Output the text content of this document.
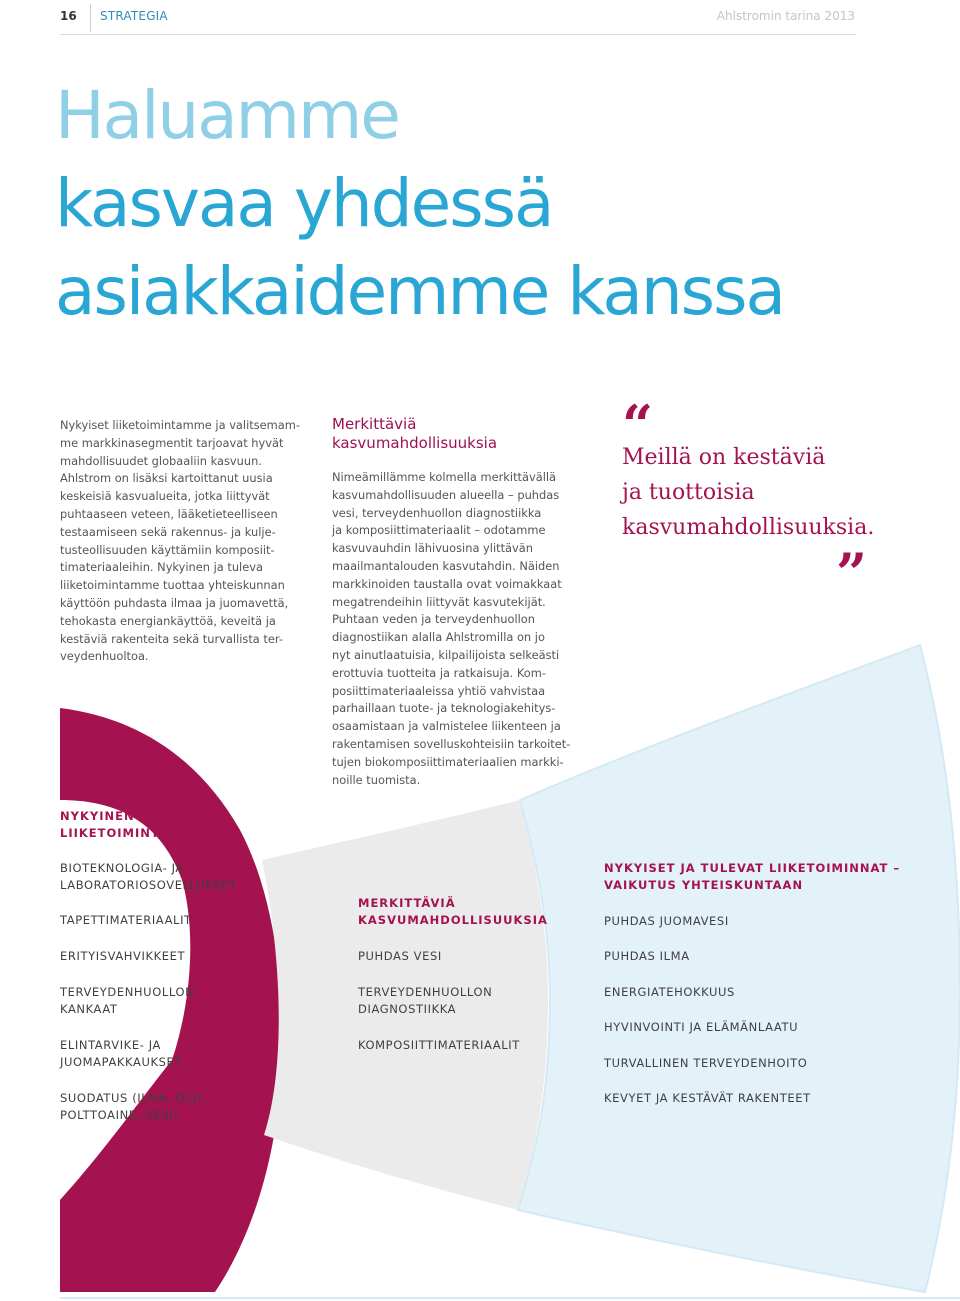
16 STRATEGIA	Ahlstromin tarina 2013
Haluamme
kasvaa yhdessä
asiakkaidemme kanssa
Nykyiset liiketoimintamme ja valitsemam-
me markkinasegmentit tarjoavat hyvät
mahdollisuudet globaaliin kasvuun.
Ahlstrom on lisäksi kartoittanut uusia
keskeisiä kasvualueita, jotka liittyvät
puhtaaseen veteen, lääketieteelliseen
testaamiseen sekä rakennus- ja kulje-
tusteollisuuden käyttämiin komposiit-
timateriaaleihin. Nykyinen ja tuleva
liiketoimintamme tuottaa yhteiskunnan
käyttöön puhdasta ilmaa ja juomavettä,
tehokasta energiankäyttöä, keveitä ja
kestäviä rakenteita sekä turvallista ter-
veydenhuoltoa.
Merkittäviä
kasvumahdollisuuksia
Nimeämillämme kolmella merkittävällä
kasvumahdollisuuden alueella – puhdas
vesi, terveydenhuollon diagnostiikka
ja komposiittimateriaalit – odotamme
kasvuvauhdin lähivuosina ylittävän
maailmantalouden kasvutahdin. Näiden
markkinoiden taustalla ovat voimakkaat
megatrendeihin liittyvät kasvutekijät.
Puhtaan veden ja terveydenhuollon
diagnostiikan alalla Ahlstromilla on jo
nyt ainutlaatuisia, kilpailijoista selkeästi
erottuvia tuotteita ja ratkaisuja. Kom-
posiittimateriaaleissa yhtiö vahvistaa
parhaillaan tuote- ja teknologiakehitys-
osaamistaan ja valmistelee liikenteen ja
rakentamisen sovelluskohteisiin tarkoitet-
tujen biokomposiittimateriaalien markki-
noille tuomista.
“
Meillä on kestäviä
ja tuottoisia
kasvumahdollisuuksia.
”
NYKYINEN
LIIKETOIMINTA
BIOTEKNOLOGIA- JA
LABORATORIOSOVELLUKSET
TAPETTIMATERIAALIT
ERITYISVAHVIKKEET
TERVEYDENHUOLLON
KANKAAT
ELINTARVIKE- JA
JUOMAPAKKAUKSET
SUODATUS (ILMA, ÖLJY,
POLTTOAINE, VESI)
MERKITTÄVIÄ
KASVUMAHDOLLISUUKSIA
PUHDAS VESI
TERVEYDENHUOLLON
DIAGNOSTIIKKA
KOMPOSIITTIMATERIAALIT
NYKYISET JA TULEVAT LIIKETOIMINNAT –
VAIKUTUS YHTEISKUNTAAN
PUHDAS JUOMAVESI
PUHDAS ILMA
ENERGIATEHOKKUUS
HYVINVOINTI JA ELÄMÄNLAATU
TURVALLINEN TERVEYDENHOITO
KEVYET JA KESTÄVÄT RAKENTEET
